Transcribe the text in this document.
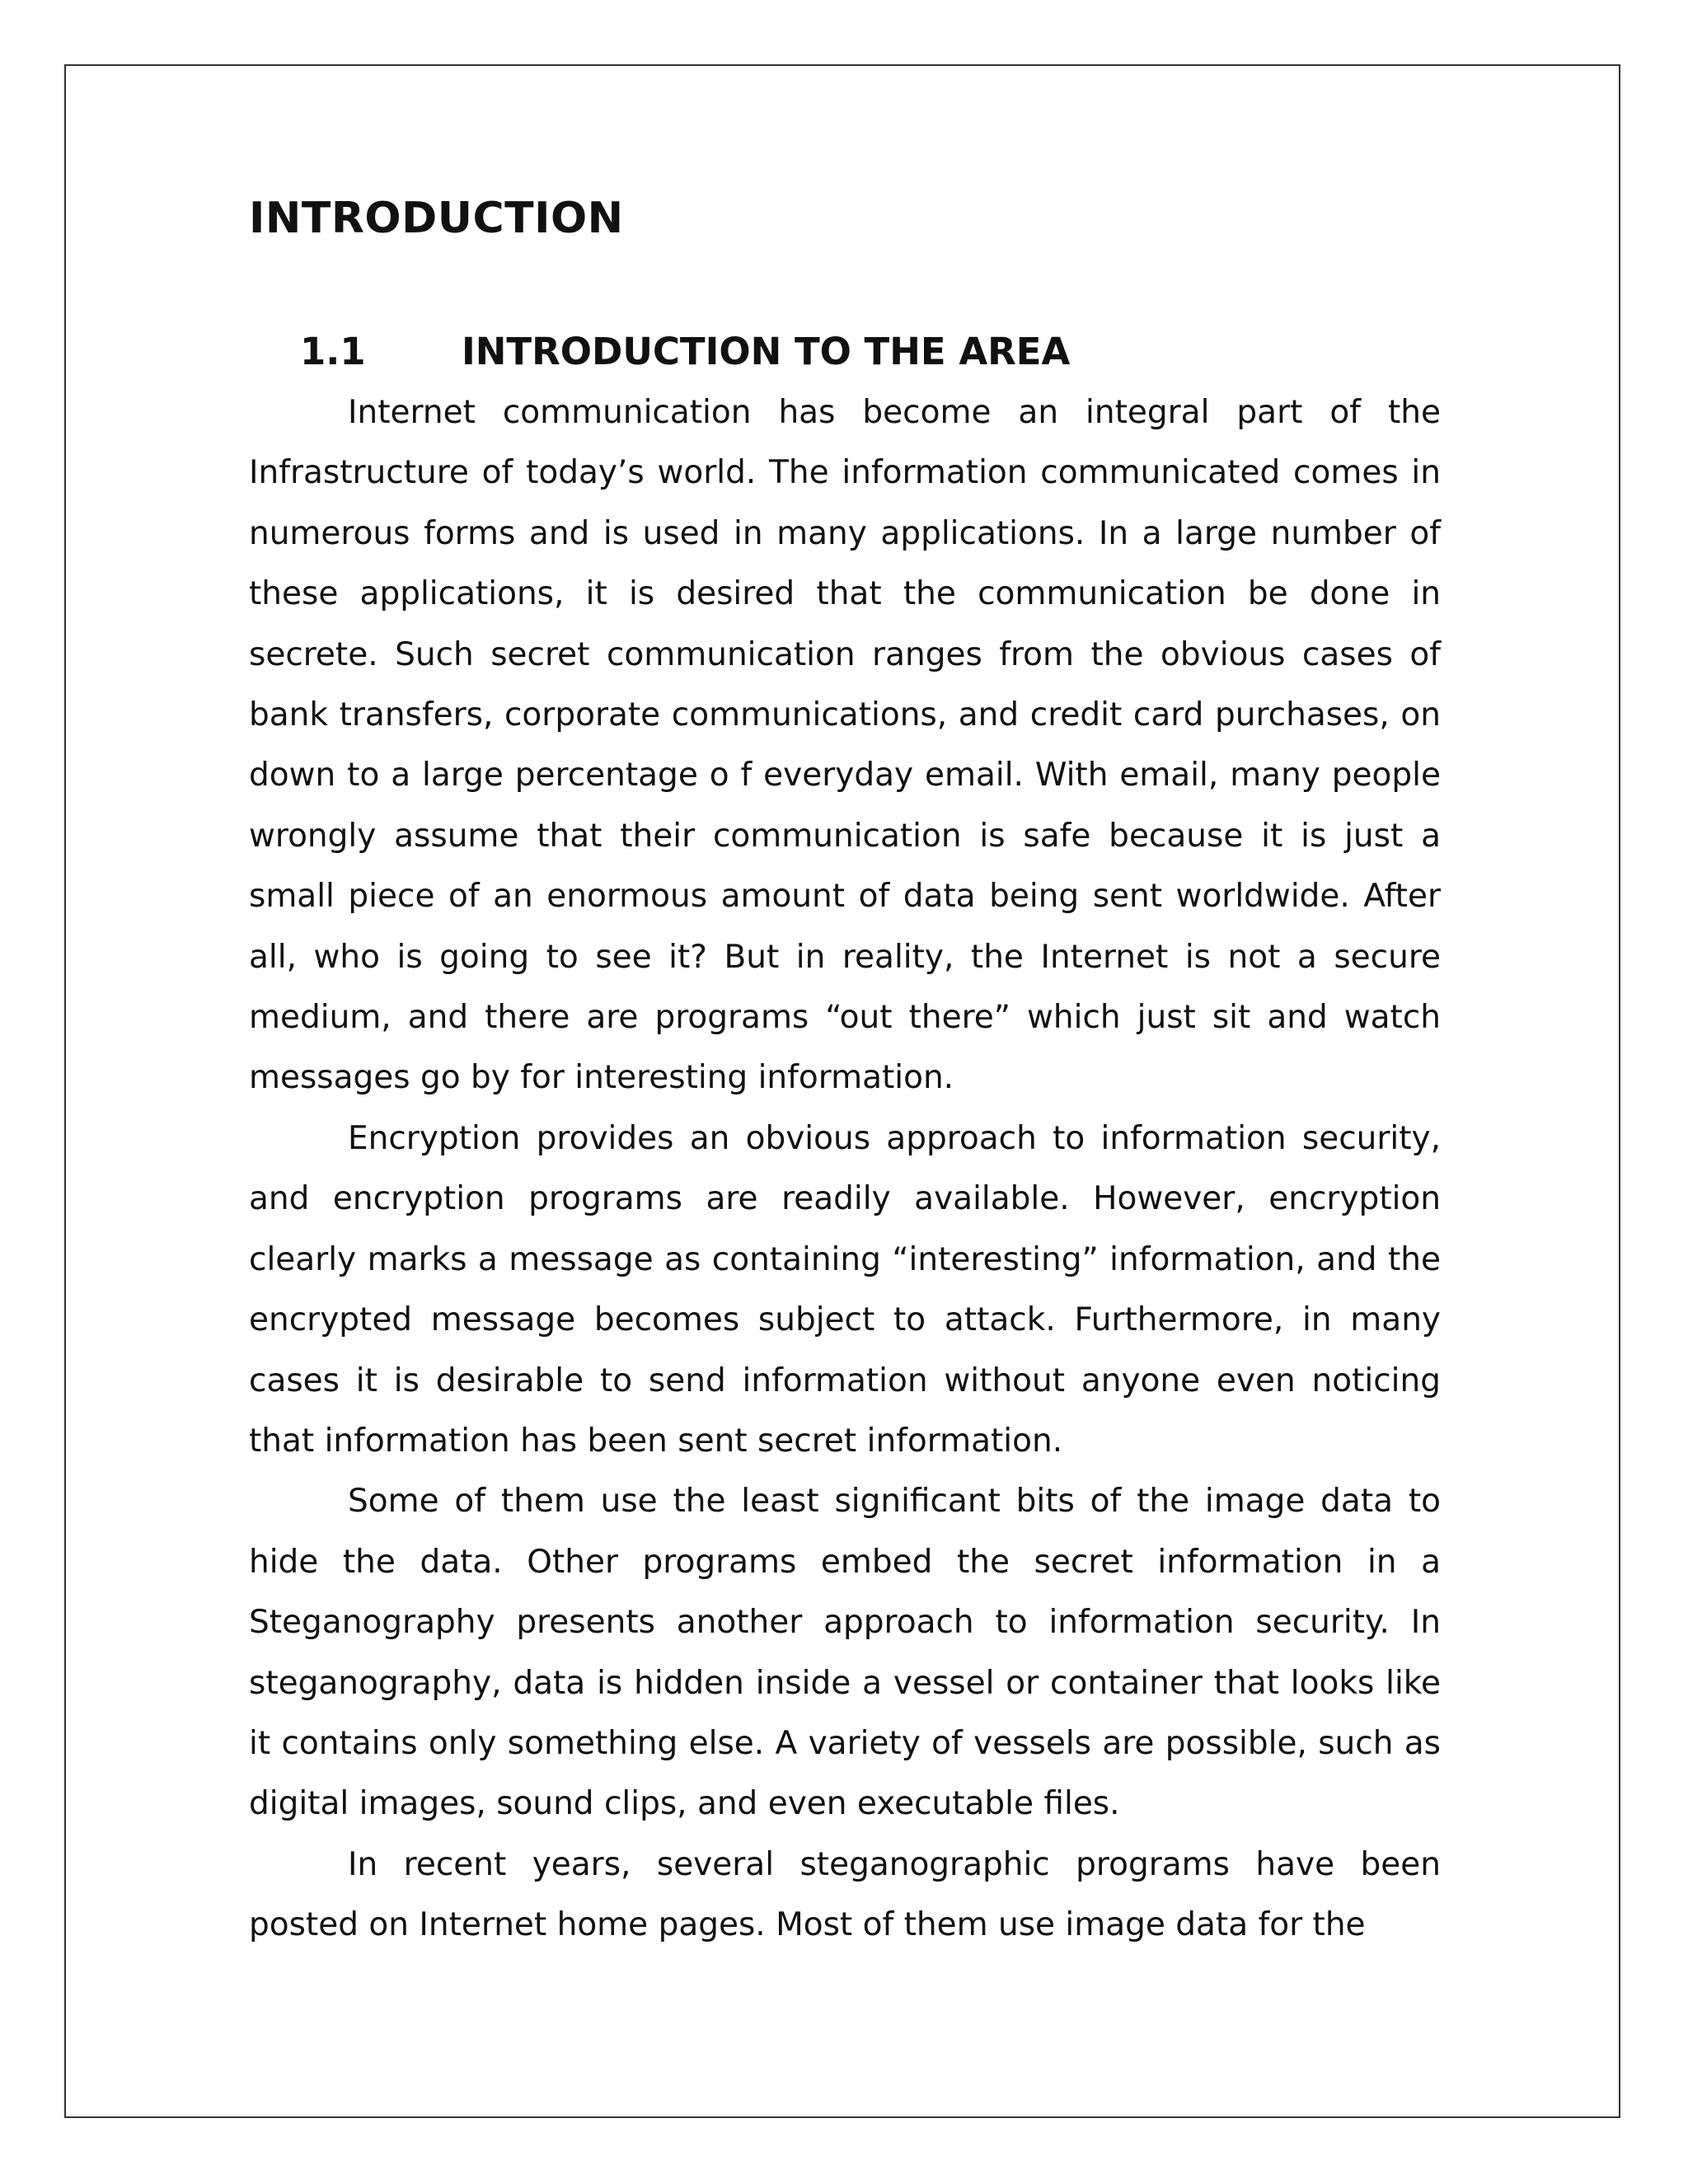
INTRODUCTION
1.1	INTRODUCTION TO THE AREA

Internet communication has become an integral part of the Infrastructure of today’s world. The information communicated comes in numerous forms and is used in many applications. In a large number of these applications, it is desired that the communication be done in secrete. Such secret communication ranges from the obvious cases of bank transfers, corporate communications, and credit card purchases, on down to a large percentage o f everyday email. With email, many people wrongly assume that their communication is safe because it is just a small piece of an enormous amount of data being sent worldwide. After all, who is going to see it? But in reality, the Internet is not a secure medium, and there are programs “out there” which just sit and watch messages go by for interesting information.

Encryption provides an obvious approach to information security, and encryption programs are readily available. However, encryption clearly marks a message as containing “interesting” information, and the encrypted message becomes subject to attack. Furthermore, in many cases it is desirable to send information without anyone even noticing that information has been sent secret information.

Some of them use the least significant bits of the image data to hide the data. Other programs embed the secret information in a Steganography presents another approach to information security. In steganography, data is hidden inside a vessel or container that looks like it contains only something else. A variety of vessels are possible, such as digital images, sound clips, and even executable files.

In recent years, several steganographic programs have been posted on Internet home pages. Most of them use image data for the
